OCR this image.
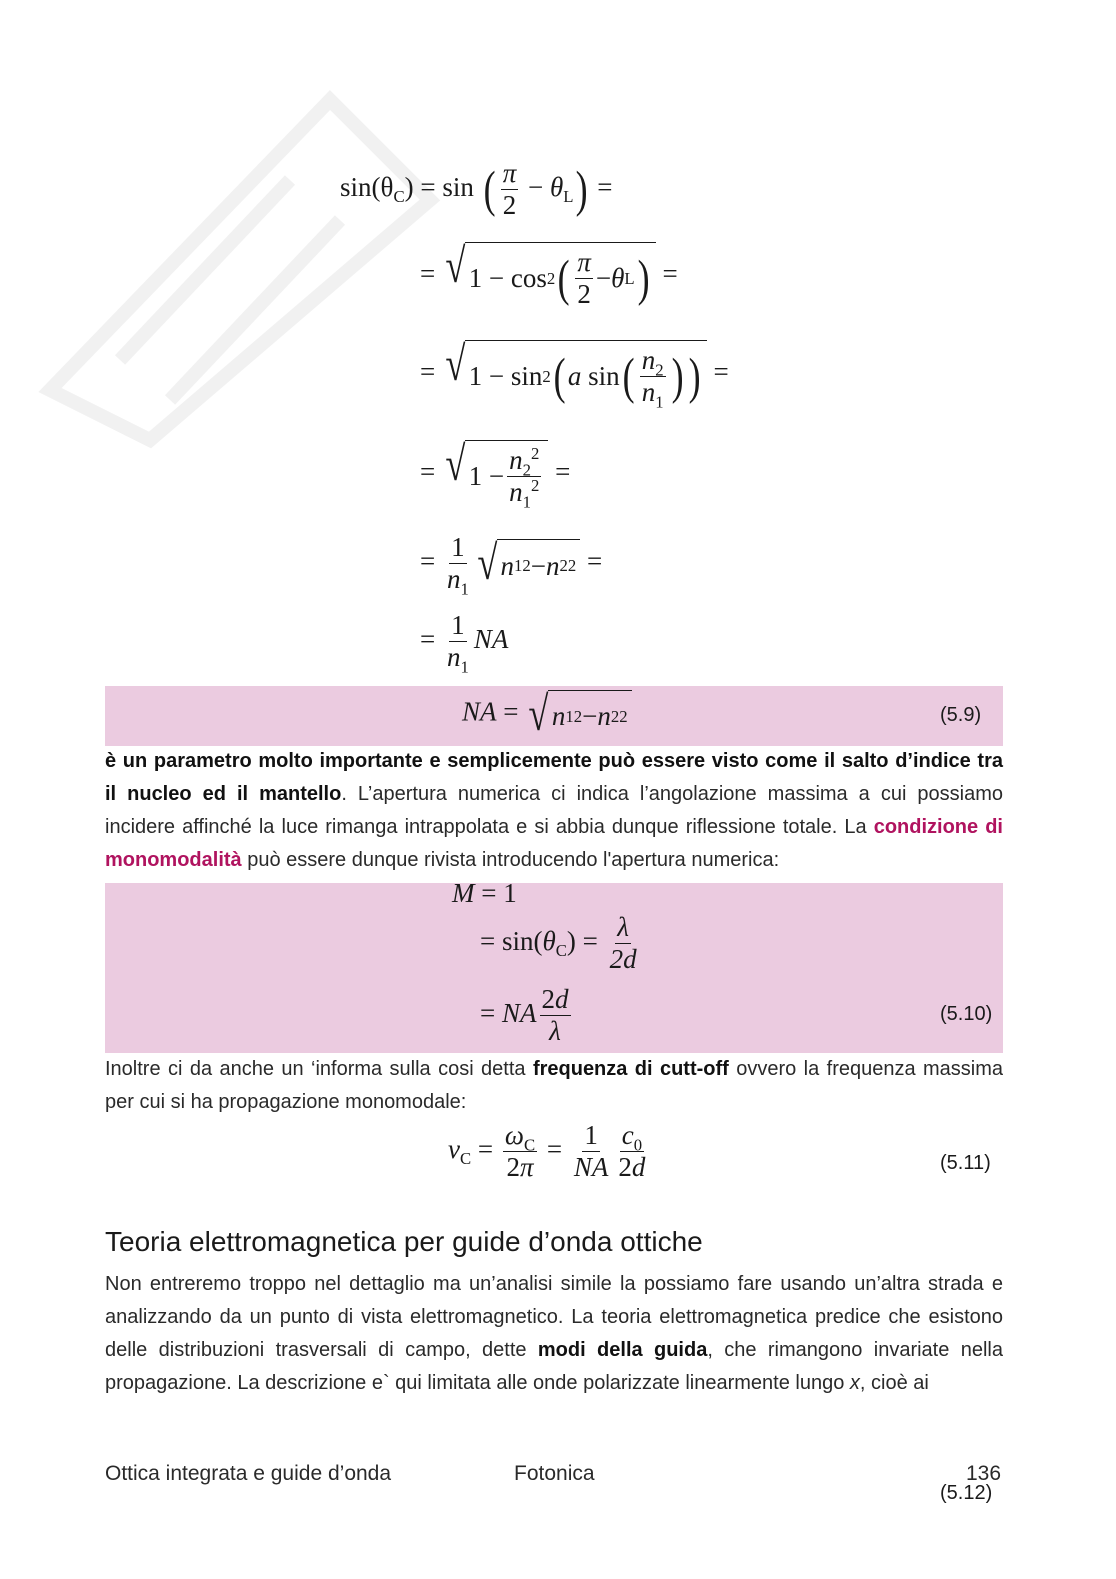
$\sin(\theta_C) = \sin$ ( $\frac{\pi}{2} - \theta_L$) =
= √ 1 − cos 2 ( $\frac{\pi}{2} - \theta$ L ) =
= √ 1 − sin 2 ( a sin ( $\frac{n_2}{n_1}$ ) ) =
= √ $1 - \frac{n_2^2}{n_1^2}$ =
= $\frac{1}{n_1}$ √ n 1 2 − n 2 2 =
= $\frac{1}{n_1}$ NA
NA = √ n 1 2 − n 2 2	(5.9)
è un parametro molto importante e semplicemente può essere visto come il salto d’indice tra il nucleo ed il mantello. L’apertura numerica ci indica l’angolazione massima a cui possiamo incidere affinché la luce rimanga intrappolata e si abbia dunque riflessione totale. La condizione di monomodalità può essere dunque rivista introducendo l'apertura numerica:
M = 1
= $\sin(\theta_C) = \frac{\lambda}{2d}$
= NA $\frac{2d}{\lambda}$	(5.10)
Inoltre ci da anche un ‘informa sulla cosi detta frequenza di cutt-off ovvero la frequenza massima per cui si ha propagazione monomodale:
$\nu_C = \frac{\omega_C}{2\pi} = \frac{1}{NA} \frac{c_0}{2d}$	(5.11)
Teoria elettromagnetica per guide d’onda ottiche
Non entreremo troppo nel dettaglio ma un’analisi simile la possiamo fare usando un’altra strada e analizzando da un punto di vista elettromagnetico. La teoria elettromagnetica predice che esistono delle distribuzioni trasversali di campo, dette modi della guida, che rimangono invariate nella propagazione. La descrizione e` qui limitata alle onde polarizzate linearmente lungo x, cioè ai
Ottica integrata e guide d’onda	Fotonica	136
(5.12)
